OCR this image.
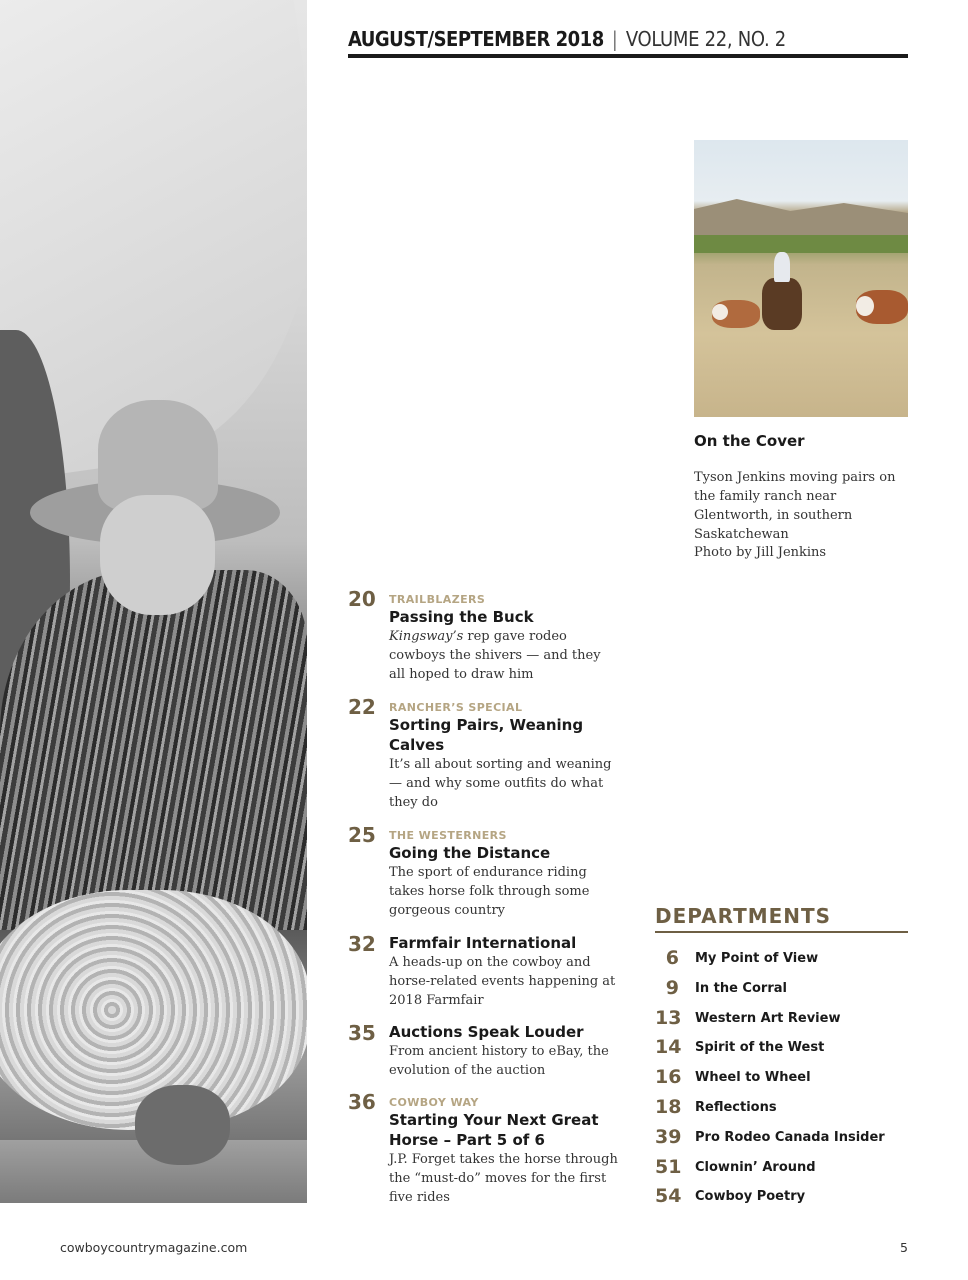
AUGUST/SEPTEMBER 2018 | VOLUME 22, NO. 2
On the Cover
Tyson Jenkins moving pairs on the family ranch near Glentworth, in southern Saskatchewan
Photo by Jill Jenkins
20 TRAILBLAZERS
Passing the Buck
Kingsway’s rep gave rodeo cowboys the shivers — and they all hoped to draw him
22 RANCHER’S SPECIAL
Sorting Pairs, Weaning Calves
It’s all about sorting and weaning — and why some outfits do what they do
25 THE WESTERNERS
Going the Distance
The sport of endurance riding takes horse folk through some gorgeous country
32 Farmfair International
A heads-up on the cowboy and horse-related events happening at 2018 Farmfair
35 Auctions Speak Louder
From ancient history to eBay, the evolution of the auction
36 COWBOY WAY
Starting Your Next Great Horse – Part 5 of 6
J.P. Forget takes the horse through the “must-do” moves for the first five rides
DEPARTMENTS
6 My Point of View
9 In the Corral
13 Western Art Review
14 Spirit of the West
16 Wheel to Wheel
18 Reflections
39 Pro Rodeo Canada Insider
51 Clownin’ Around
54 Cowboy Poetry
cowboycountrymagazine.com	5
